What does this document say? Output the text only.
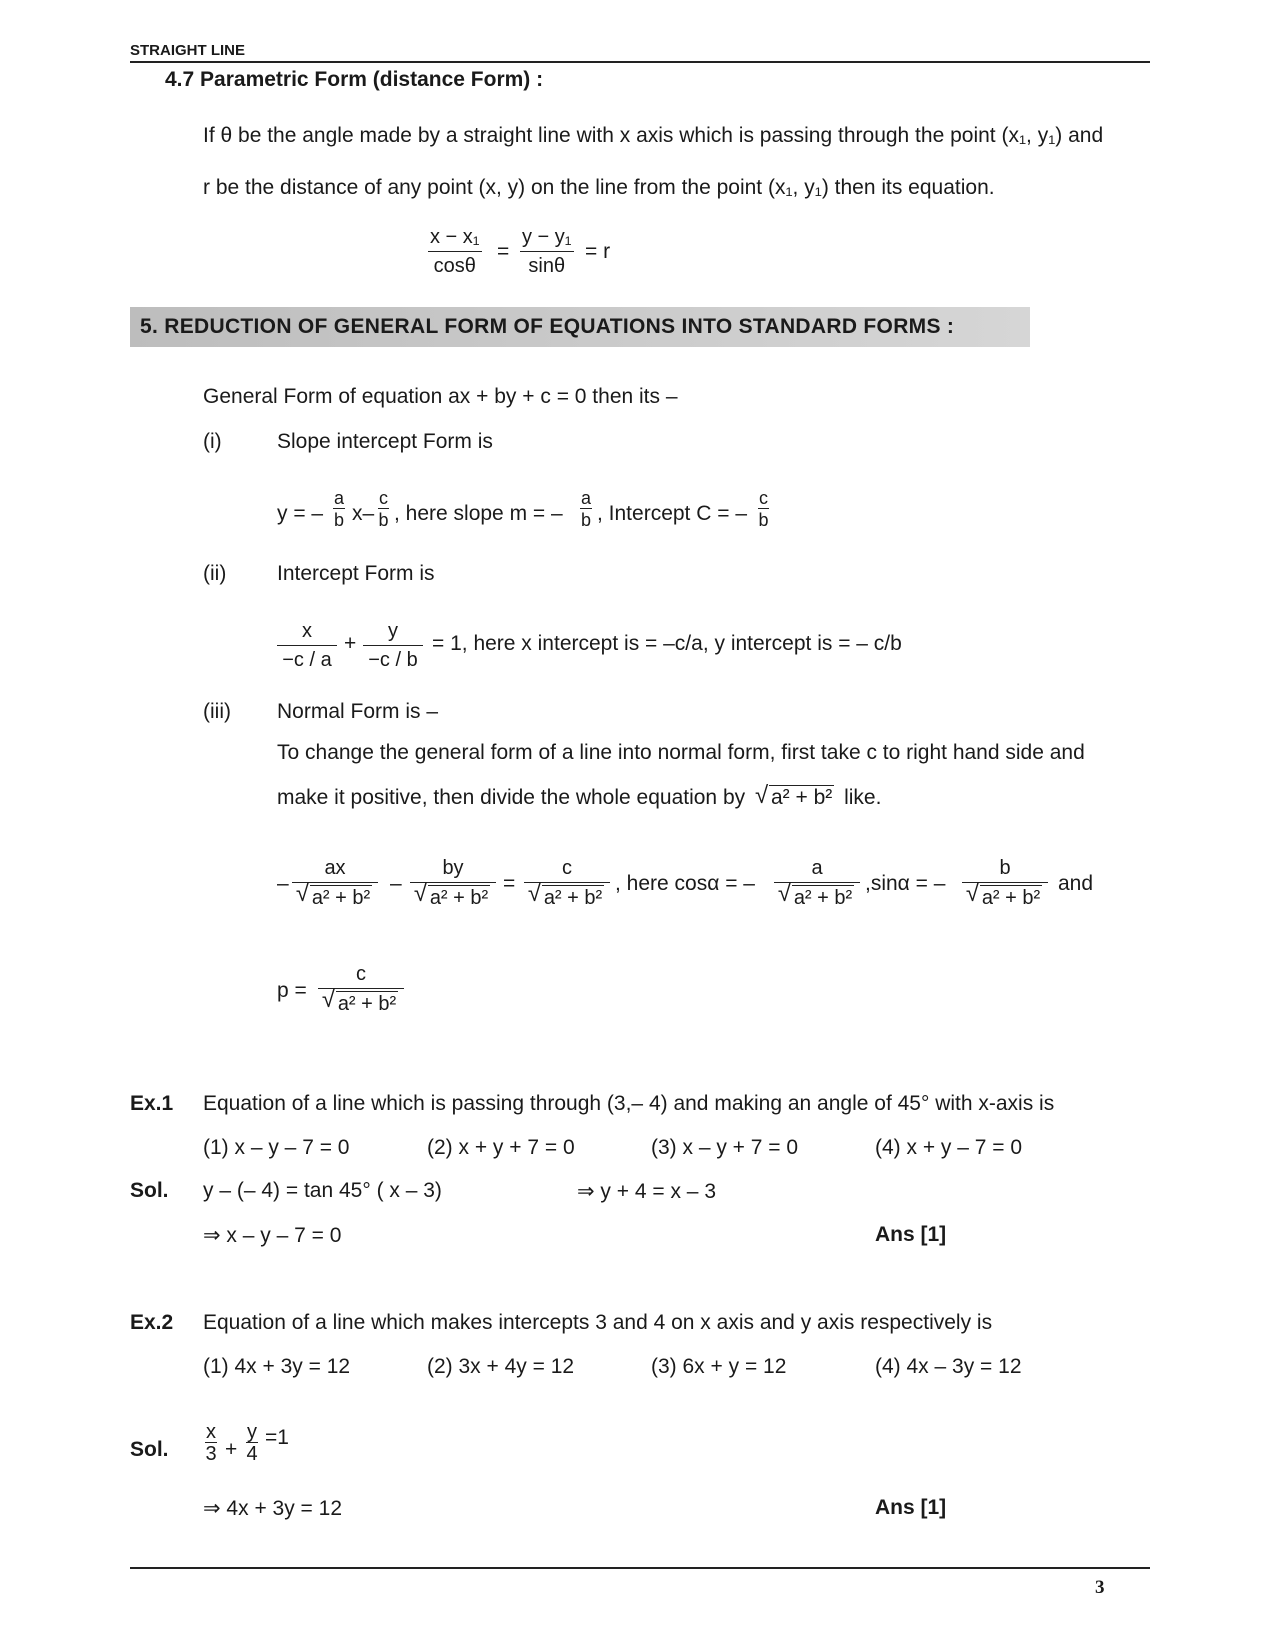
STRAIGHT LINE
4.7 Parametric Form (distance Form) :
If θ be the angle made by a straight line with x axis which is passing through the point (x₁, y₁) and
r be the distance of any point (x, y) on the line from the point (x₁, y₁) then its equation.
$\frac{\text{x − x₁}}{\cos\theta} = \frac{\text{y − y₁}}{\sin\theta} = r$
5. REDUCTION OF GENERAL FORM OF EQUATIONS INTO STANDARD FORMS :
General Form of equation ax + by + c = 0 then its –
(i)	Slope intercept Form is
y = – $\frac{a}{b} x- \frac{c}{b}$ , here slope m = – $\frac{a}{b}$ , Intercept C = – $\frac{c}{b}$
(ii) Intercept Form is
$\frac{x}{-c / a} + \frac{y}{-c / b} = 1$, here x intercept is = –c/a, y intercept is = – c/b
(iii) Normal Form is –
To change the general form of a line into normal form, first take c to right hand side and
make it positive, then divide the whole equation by √ a² + b² like.
– ax
√ a² + b² – by
√ a² + b² = c
√ a² + b² , here cosα = – a
√ a² + b² ,sinα = – b
√ a² + b² and
p = c
√ a² + b²
Ex.1 Equation of a line which is passing through (3,– 4) and making an angle of 45° with x-axis is
(1) x – y – 7 = 0	(2) x + y + 7 = 0	(3) x – y + 7 = 0	(4) x + y – 7 = 0
Sol. y – (– 4) = tan 45° ( x – 3)	⇒ y + 4 = x – 3
⇒ x – y – 7 = 0	Ans [1]
Ex.2 Equation of a line which makes intercepts 3 and 4 on x axis and y axis respectively is
(1) 4x + 3y = 12	(2) 3x + 4y = 12	(3) 6x + y = 12	(4) 4x – 3y = 12
Sol. $\frac{x}{3} + \frac{y}{4} =1$
⇒ 4x + 3y = 12	Ans [1]
3
